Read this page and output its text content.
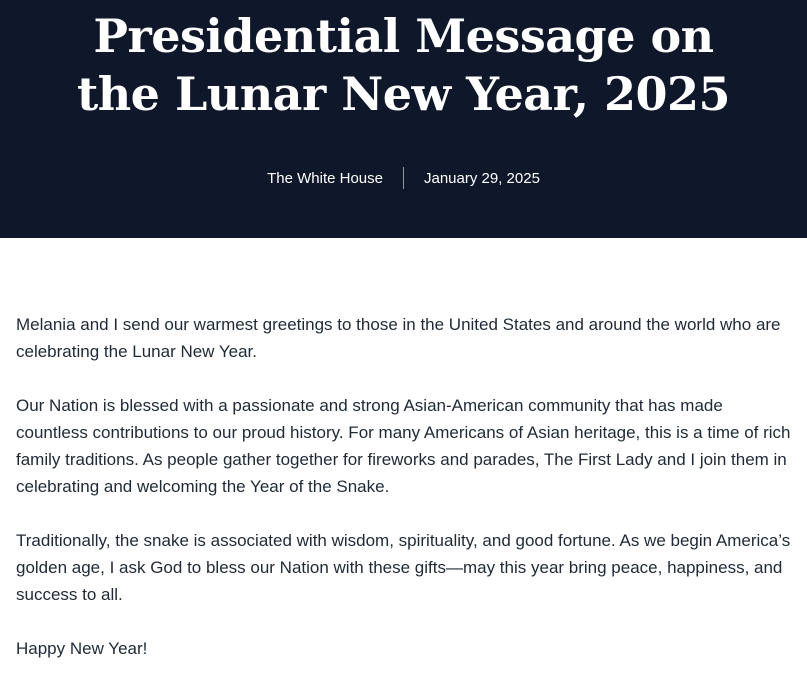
Presidential Message on
the Lunar New Year, 2025
The White House	January 29, 2025

Melania and I send our warmest greetings to those in the United States and around the world who are celebrating the Lunar New Year.

Our Nation is blessed with a passionate and strong Asian-American community that has made countless contributions to our proud history. For many Americans of Asian heritage, this is a time of rich family traditions. As people gather together for fireworks and parades, The First Lady and I join them in celebrating and welcoming the Year of the Snake.

Traditionally, the snake is associated with wisdom, spirituality, and good fortune. As we begin America’s golden age, I ask God to bless our Nation with these gifts—may this year bring peace, happiness, and success to all.

Happy New Year!
